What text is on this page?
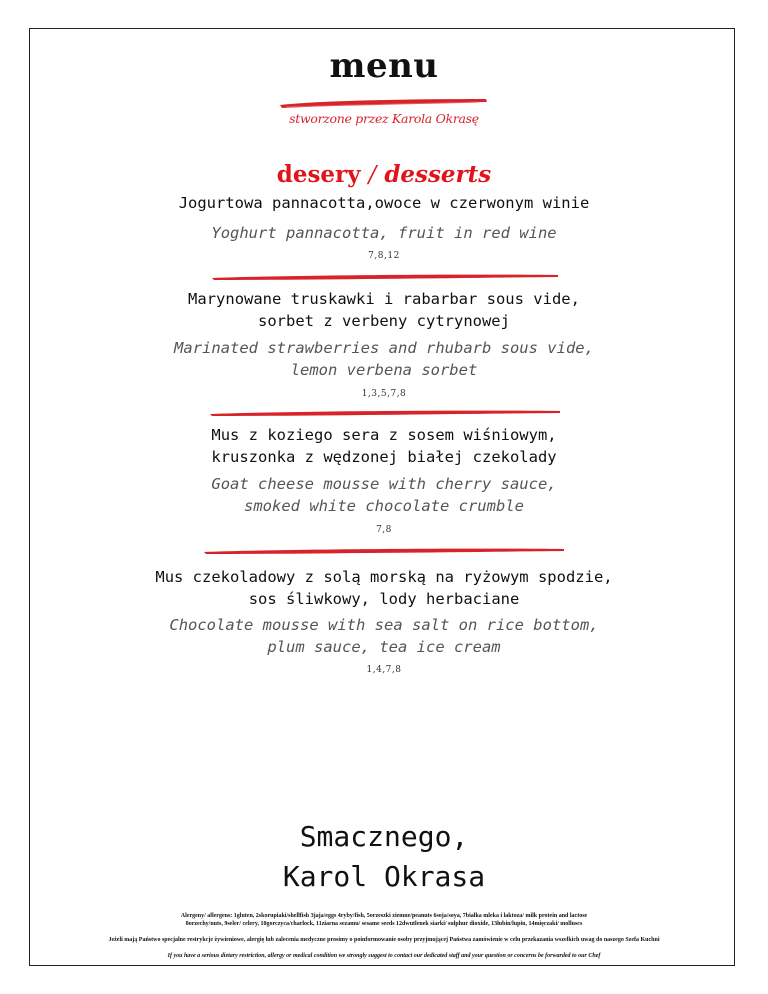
menu
stworzone przez Karola Okrasę
desery / desserts
Jogurtowa pannacotta,owoce w czerwonym winie
Yoghurt pannacotta, fruit in red wine
7,8,12
Marynowane truskawki i rabarbar sous vide,
sorbet z verbeny cytrynowej
Marinated strawberries and rhubarb sous vide,
lemon verbena sorbet
1,3,5,7,8
Mus z koziego sera z sosem wiśniowym,
kruszonka z wędzonej białej czekolady
Goat cheese mousse with cherry sauce,
smoked white chocolate crumble
7,8
Mus czekoladowy z solą morską na ryżowym spodzie,
sos śliwkowy, lody herbaciane
Chocolate mousse with sea salt on rice bottom,
plum sauce, tea ice cream
1,4,7,8
Smacznego,
Karol Okrasa
Alergeny/ allergens: 1gluten, 2skorupiaki/shellfish 3jaja/eggs 4ryby/fish, 5orzeszki ziemne/peanuts 6soja/soya, 7białka mleka i laktoza/ milk protein and lactose
8orzechy/nuts, 9seler/ celery, 10gorczyca/charlock, 11ziarna sezamu/ sesame seeds 12dwutlenek siarki/ sulphur dioxide, 13łubin/lupin, 14mięczaki/ molluscs
Jeżeli mają Państwo specjalne restrykcje żywieniowe, alergię lub zalecenia medyczne prosimy o poinformowanie osoby przyjmującej Państwa zamówienie w celu przekazania wszelkich uwag do naszego Szefa Kuchni
If you have a serious dietary restriction, allergy or medical condition we strongly suggest to contact our dedicated staff and your question or concerns be forwarded to our Chef
